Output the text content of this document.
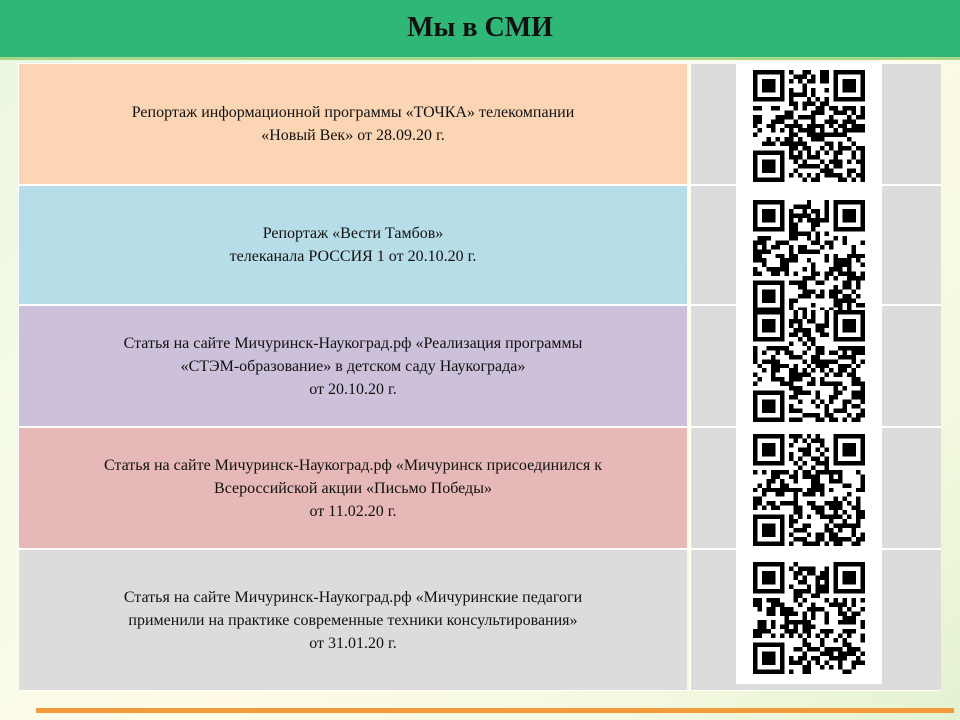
Мы в СМИ
Репортаж информационной программы «ТОЧКА» телекомпании
«Новый Век» от 28.09.20 г.
Репортаж «Вести Тамбов»
телеканала РОССИЯ 1 от 20.10.20 г.
Статья на сайте Мичуринск-Наукоград.рф «Реализация программы
«СТЭМ-образование» в детском саду Наукограда»
от 20.10.20 г.
Статья на сайте Мичуринск-Наукоград.рф «Мичуринск присоединился к
Всероссийской акции «Письмо Победы»
от 11.02.20 г.
Статья на сайте Мичуринск-Наукоград.рф «Мичуринские педагоги
применили на практике современные техники консультирования»
от 31.01.20 г.
